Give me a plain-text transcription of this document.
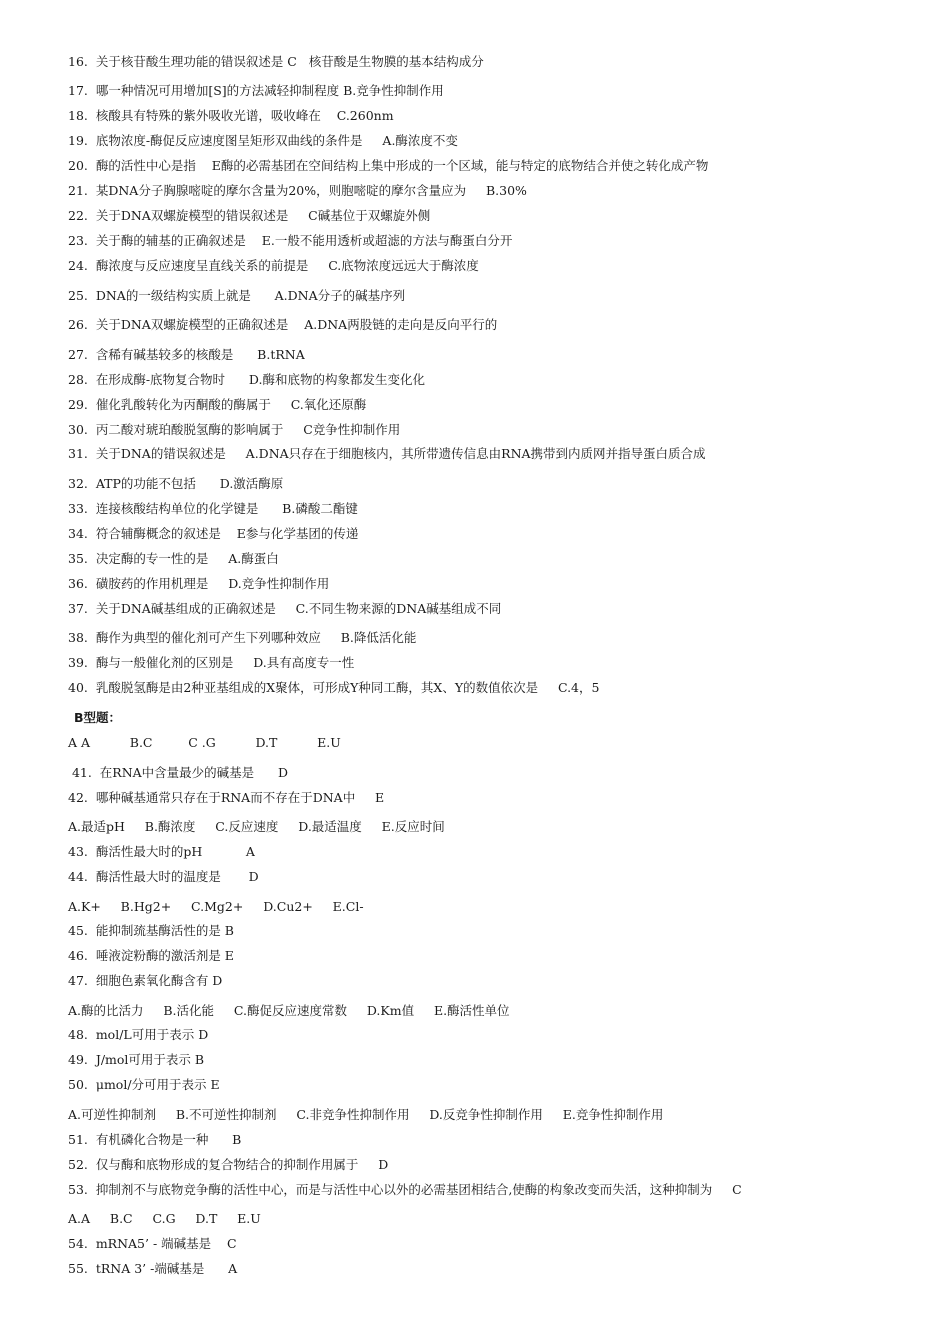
16.  关于核苷酸生理功能的错误叙述是 C   核苷酸是生物膜的基本结构成分
17.  哪一种情况可用增加[S]的方法减轻抑制程度 B.竞争性抑制作用
18.  核酸具有特殊的紫外吸收光谱，吸收峰在    C.260nm
19.  底物浓度-酶促反应速度图呈矩形双曲线的条件是     A.酶浓度不变
20.  酶的活性中心是指    E酶的必需基团在空间结构上集中形成的一个区域，能与特定的底物结合并使之转化成产物
21.  某DNA分子胸腺嘧啶的摩尔含量为20%，则胞嘧啶的摩尔含量应为     B.30%
22.  关于DNA双螺旋模型的错误叙述是     C碱基位于双螺旋外侧
23.  关于酶的辅基的正确叙述是    E.一般不能用透析或超滤的方法与酶蛋白分开
24.  酶浓度与反应速度呈直线关系的前提是     C.底物浓度远远大于酶浓度
25.  DNA的一级结构实质上就是      A.DNA分子的碱基序列
26.  关于DNA双螺旋模型的正确叙述是    A.DNA两股链的走向是反向平行的
27.  含稀有碱基较多的核酸是      B.tRNA
28.  在形成酶-底物复合物时      D.酶和底物的构象都发生变化化
29.  催化乳酸转化为丙酮酸的酶属于     C.氧化还原酶
30.  丙二酸对琥珀酸脱氢酶的影响属于     C竞争性抑制作用
31.  关于DNA的错误叙述是     A.DNA只存在于细胞核内，其所带遗传信息由RNA携带到内质网并指导蛋白质合成
32.  ATP的功能不包括      D.激活酶原
33.  连接核酸结构单位的化学键是      B.磷酸二酯键
34.  符合辅酶概念的叙述是    E参与化学基团的传递
35.  决定酶的专一性的是     A.酶蛋白
36.  磺胺药的作用机理是     D.竞争性抑制作用
37.  关于DNA碱基组成的正确叙述是     C.不同生物来源的DNA碱基组成不同
38.  酶作为典型的催化剂可产生下列哪种效应     B.降低活化能
39.  酶与一般催化剂的区别是     D.具有高度专一性
40.  乳酸脱氢酶是由2种亚基组成的X聚体，可形成Y种同工酶，其X、Y的数值依次是     C.4，5
B型题：
A A          B.C         C .G          D.T          E.U
41.  在RNA中含量最少的碱基是      D
42.  哪种碱基通常只存在于RNA而不存在于DNA中     E
A.最适pH     B.酶浓度     C.反应速度     D.最适温度     E.反应时间
43.  酶活性最大时的pH           A
44.  酶活性最大时的温度是       D
A.K+     B.Hg2+     C.Mg2+     D.Cu2+     E.Cl-
45.  能抑制巯基酶活性的是 B
46.  唾液淀粉酶的激活剂是 E
47.  细胞色素氧化酶含有 D
A.酶的比活力     B.活化能     C.酶促反应速度常数     D.Km值     E.酶活性单位
48.  mol/L可用于表示 D
49.  J/mol可用于表示 B
50.  μmol/分可用于表示 E
A.可逆性抑制剂     B.不可逆性抑制剂     C.非竞争性抑制作用     D.反竞争性抑制作用     E.竞争性抑制作用
51.  有机磷化合物是一种      B
52.  仅与酶和底物形成的复合物结合的抑制作用属于     D
53.  抑制剂不与底物竞争酶的活性中心，而是与活性中心以外的必需基团相结合,使酶的构象改变而失活，这种抑制为     C
A.A     B.C     C.G     D.T     E.U
54.  mRNA5’ - 端碱基是    C
55.  tRNA 3’ -端碱基是      A
